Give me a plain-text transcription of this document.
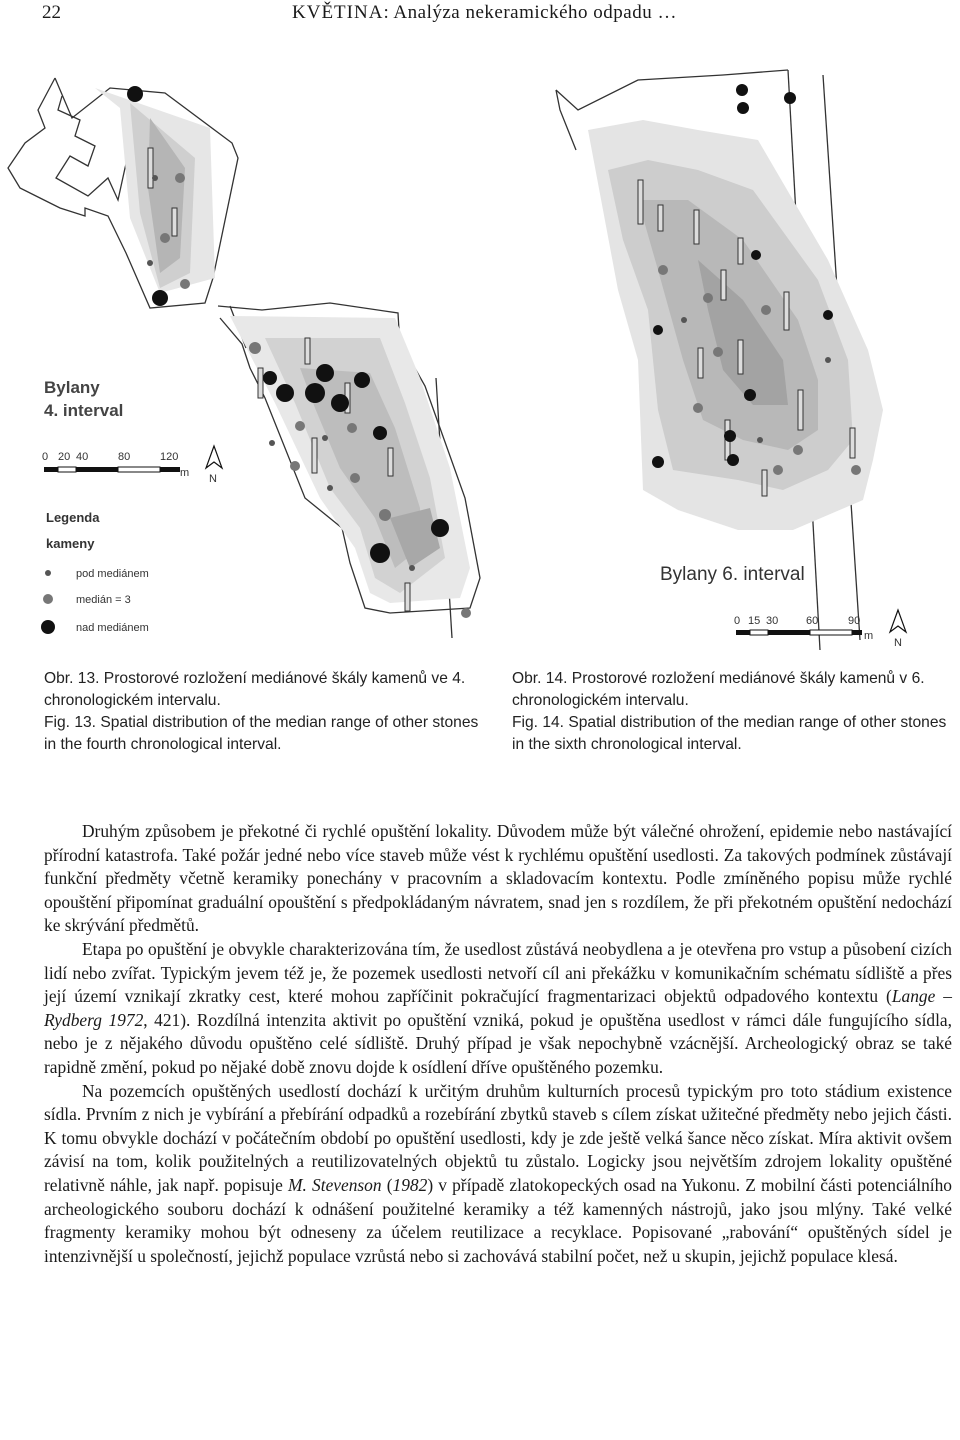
22	KVĚTINA: Analýza nekeramického odpadu …
Bylany
4. interval
0 20 40	80	120
m N
Legenda
kameny
pod mediánem
medián = 3
nad mediánem
Bylany 6. interval
0 15 30	60	90
m
N

Obr. 13. Prostorové rozložení mediánové škály kamenů ve 4. chronologickém intervalu.

Fig. 13. Spatial distribution of the median range of other stones in the fourth chronological interval.

Obr. 14. Prostorové rozložení mediánové škály kamenů v 6. chronologickém intervalu.

Fig. 14. Spatial distribution of the median range of other stones in the sixth chronological interval.

Druhým způsobem je překotné či rychlé opuštění lokality. Důvodem může být válečné ohrožení, epidemie nebo nastávající přírodní katastrofa. Také požár jedné nebo více staveb může vést k rychlému opuštění usedlosti. Za takových podmínek zůstávají funkční předměty včetně keramiky ponechány v pracovním a skladovacím kontextu. Podle zmíněného popisu může rychlé opouštění připomínat graduální opouštění s předpokládaným návratem, snad jen s rozdílem, že při překotném opuštění nedochází ke skrývání předmětů.

Etapa po opuštění je obvykle charakterizována tím, že usedlost zůstává neobydlena a je otevřena pro vstup a působení cizích lidí nebo zvířat. Typickým jevem též je, že pozemek usedlosti netvoří cíl ani překážku v komunikačním schématu sídliště a přes její území vznikají zkratky cest, které mohou zapříčinit pokračující fragmentarizaci objektů odpadového kontextu (Lange – Rydberg 1972, 421). Rozdílná intenzita aktivit po opuštění vzniká, pokud je opuštěna usedlost v rámci dále fungujícího sídla, nebo je z nějakého důvodu opuštěno celé sídliště. Druhý případ je však nepochybně vzácnější. Archeologický obraz se také rapidně změní, pokud po nějaké době znovu dojde k osídlení dříve opuštěného pozemku.

Na pozemcích opuštěných usedlostí dochází k určitým druhům kulturních procesů typickým pro toto stádium existence sídla. Prvním z nich je vybírání a přebírání odpadků a rozebírání zbytků staveb s cílem získat užitečné předměty nebo jejich části. K tomu obvykle dochází v počátečním období po opuštění usedlosti, kdy je zde ještě velká šance něco získat. Míra aktivit ovšem závisí na tom, kolik použitelných a reutilizovatelných objektů tu zůstalo. Logicky jsou největším zdrojem lokality opuštěné relativně náhle, jak např. popisuje M. Stevenson (1982) v případě zlatokopeckých osad na Yukonu. Z mobilní části potenciálního archeologického souboru dochází k odnášení použitelné keramiky a též kamenných nástrojů, jako jsou mlýny. Také velké fragmenty keramiky mohou být odneseny za účelem reutilizace a recyklace. Popisované „rabování“ opuštěných sídel je intenzivnější u společností, jejichž populace vzrůstá nebo si zachovává stabilní počet, než u skupin, jejichž populace klesá.
